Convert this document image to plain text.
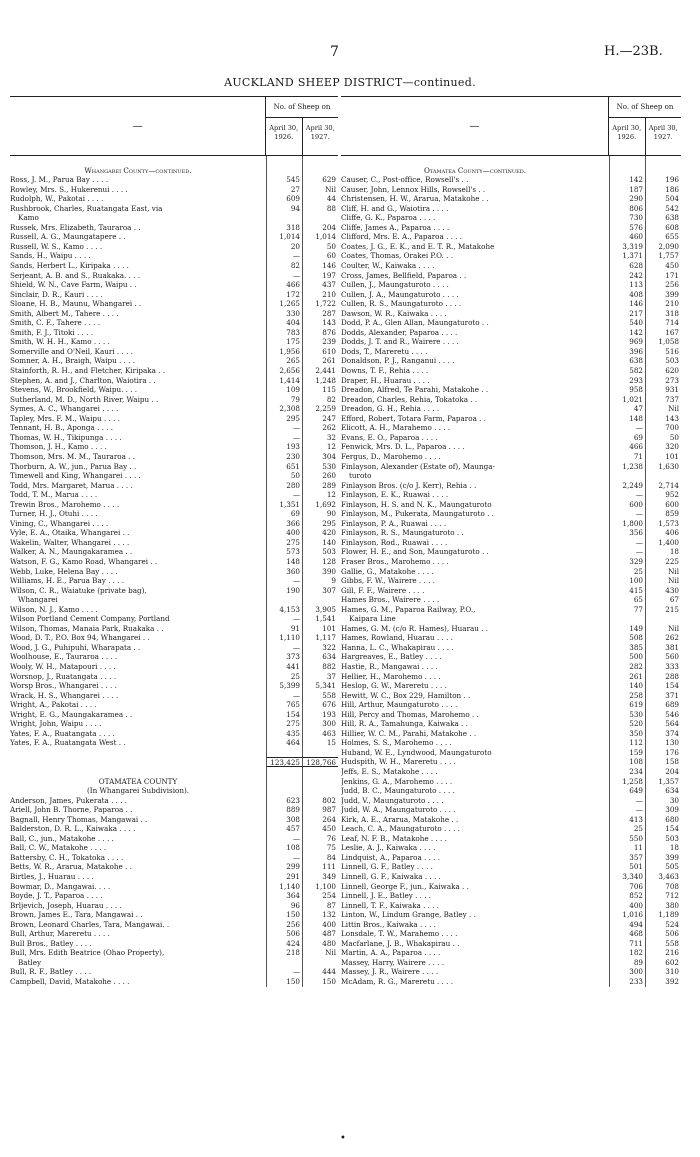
7	H.—23B.
AUCKLAND SHEEP DISTRICT—continued.
—
No. of Sheep on
April 30, 1926.
April 30, 1927.
Whangarei County—continued.
Ross, J. M., Parua Bay . . . .	545	629
Rowley, Mrs. S., Hukerenui . . . .	27	Nil
Rudolph, W., Pakotai . . . .	609	44
Rushbrook, Charles, Ruatangata East, via	94	88
Kamo
Russek, Mrs. Elizabeth, Tauraroa . .	318	204
Russell, A. G., Maungatapere . .	1,014	1,014
Russell, W. S., Kamo . . . .	20	50
Sands, H., Waipu . . . .	—	60
Sands, Herbert L., Kiripaka . . . .	82	146
Serjeant, A. B. and S., Ruakaka. . . .	—	197
Shield, W. N., Cave Farm, Waipu . .	466	437
Sinclair, D. R., Kauri . . . .	172	210
Sloane, H. B., Maunu, Whangarei . .	1,265	1,722
Smith, Albert M., Tahere . . . .	330	287
Smith, C. F., Tahere . . . .	404	143
Smith, F. J., Titoki . . . .	783	876
Smith, W. H. H., Kamo . . . .	175	239
Somerville and O'Neil, Kauri . . . .	1,956	610
Somner, A. H., Braigh, Waipu . . . .	265	261
Stainforth, R. H., and Fletcher, Kiripaka . .	2,656	2,441
Stephen, A. and J., Charlton, Waiotira . .	1,414	1,248
Stevens, W., Brookfield, Waipu. . . .	109	115
Sutherland, M. D., North River, Waipu . .	79	82
Symes, A. C., Whangarei . . . .	2,308	2,259
Tapley, Mrs. F. M., Waipu . . . .	295	247
Tennant, H. B., Aponga . . . .	—	262
Thomas, W. H., Tikipunga . . . .	—	32
Thomson, J. H., Kamo . . . .	193	12
Thomson, Mrs. M. M., Tauraroa . .	230	304
Thorburn, A. W., jun., Parua Bay . .	651	530
Timewell and King, Whangarei . . . .	50	260
Todd, Mrs. Margaret, Marua . . . .	280	289
Todd, T. M., Marua . . . .	—	12
Trewin Bros., Marohemo . . . .	1,351	1,692
Turner, H. J., Otuhi . . . .	69	90
Vining, C., Whangarei . . . .	366	295
Vyle, E. A., Otaika, Whangarei . .	400	420
Wakelin, Walter, Whangarei . . . .	275	140
Walker, A. N., Maungakaramea . .	573	503
Watson, F. G., Kamo Road, Whangarei . .	148	128
Webb, Luke, Helena Bay . . . .	360	390
Williams, H. E., Parua Bay . . . .	—	9
Wilson, C. R., Waiatuke (private bag),	190	307
Whangarei
Wilson, N. J., Kamo . . . .	4,153	3,905
Wilson Portland Cement Company, Portland	—	1,541
Wilson, Thomas, Manaia Park, Ruakaka . .	91	101
Wood, D. T., P.O. Box 94, Whangarei . .	1,110	1,117
Wood, J. G., Puhipuhi, Wharapata . .	—	322
Woolhouse, E., Tauraroa . . . .	373	634
Wooly, W. H., Matapouri . . . .	441	882
Worsnop, J., Ruatangata . . . .	25	37
Worsp Bros., Whangarei . . . .	5,399	5,341
Wrack, H. S., Whangarei . . . .	—	558
Wright, A., Pakotai . . . .	765	676
Wright, E. G., Maungakaramea . .	154	193
Wright, John, Waipu . . . .	275	300
Yates, F. A., Ruatangata . . . .	435	463
Yates, F. A., Ruatangata West . .	464	15
123,425 128,766
OTAMATEA COUNTY
(In Whangarei Subdivision).
Anderson, James, Pukerata . . . .	623	802
Ariell, John B. Thorne, Paparoa . .	889	987
Bagnall, Henry Thomas, Mangawai . .	308	264
Balderston, D. R. L., Kaiwaka . . . .	457	450
Ball, C., jun., Matakohe . . . .	—	76
Ball, C. W., Matakohe . . . .	108	75
Battersby, C. H., Tokatoka . . . .	—	84
Betts, W. R., Ararua, Matakohe . .	299	111
Birtles, J., Huarau . . . .	291	349
Bowmar, D., Mangawai. . . .	1,140	1,100
Boyde, J. T., Paparoa . . . .	364	254
Brljevich, Joseph, Huarau . . . .	96	87
Brown, James E., Tara, Mangawai . .	150	132
Brown, Leonard Charles, Tara, Mangawai. .	256	400
Bull, Arthur, Mareretu . . . .	506	487
Bull Bros., Batley . . . .	424	480
Bull, Mrs. Edith Beatrice (Ohao Property),	218	Nil
Batley
Bull, R. F., Batley . . . .	—	444
Campbell, David, Matakohe . . . .	150	150
—
No. of Sheep on
April 30, 1926.
April 30, 1927.
Otamatea County—continued.
Causer, C., Post-office, Rowsell's . .	142	196
Causer, John, Lennox Hills, Rowsell's . .	187	186
Christensen, H. W., Ararua, Matakohe . .	290	504
Cliff, H. and G., Waiotira . . . .	806	542
Cliffe, G. K., Paparoa . . . .	730	638
Cliffe, James A., Paparoa . . . .	576	608
Clifford, Mrs. E. A., Paparoa . . . .	460	655
Coates, J. G., E. K., and E. T. R., Matakohe	3,319	2,090
Coates, Thomas, Orakei P.O. . .	1,371	1,757
Coulter, W., Kaiwaka . . . .	628	450
Cross, James, Bellfield, Paparoa . .	242	171
Cullen, J., Maungaturoto . . . .	113	256
Cullen, J. A., Maungaturoto . . . .	408	399
Cullen, R. S., Maungaturoto . . . .	146	210
Dawson, W. R., Kaiwaka . . . .	217	318
Dodd, P. A., Glen Allan, Maungaturoto . .	540	714
Dodds, Alexander, Paparoa . . . .	142	167
Dodds, J. T. and R., Wairere . . . .	969	1,058
Dods, T., Mareretu . . . .	396	516
Donaldson, P. J., Ranganui . . . .	638	503
Downs, T. F., Rehia . . . .	582	620
Draper, H., Huarau . . . .	293	273
Dreadon, Alfred, Te Parahi, Matakohe . .	958	931
Dreadon, Charles, Rehia, Tokatoka . .	1,021	737
Dreadon, G. H., Rehia . . . .	47	Nil
Efford, Robert, Totara Farm, Paparoa . .	148	143
Elicott, A. H., Marahemo . . . .	—	700
Evans, E. O., Paparoa . . . .	69	50
Fenwick, Mrs. D. L., Paparoa . . . .	466	320
Fergus, D., Marohemo . . . .	71	101
Finlayson, Alexander (Estate of), Maunga-	1,238	1,630
turoto
Finlayson Bros. (c/o J. Kerr), Rehia . .	2,249	2,714
Finlayson, E. K., Ruawai . . . .	—	952
Finlayson, H. S. and N. K., Maungaturoto	600	600
Finlayson, M., Pukerata, Maungaturoto . .	—	859
Finlayson, P. A., Ruawai . . . .	1,800	1,573
Finlayson, R. S., Maungaturoto . .	356	406
Finlayson, Rod., Ruawai . . . .	—	1,400
Flower, H. E., and Son, Maungaturoto . .	—	18
Fraser Bros., Marohemo . . . .	329	225
Gallie, G., Matakohe . . . .	25	Nil
Gibbs, F. W., Wairere . . . .	100	Nil
Gill, F. F., Wairere . . . .	415	430
Hames Bros., Wairere . . . .	65	67
Hames, G. M., Paparoa Railway, P.O.,	77	215
Kaipara Line
Hames, G. M. (c/o R. Hames), Huarau . .	149	Nil
Hames, Rowland, Huarau . . . .	508	262
Hanna, L. C., Whakapirau . . . .	385	381
Hargreaves, E., Batley . . . .	500	560
Hastie, R., Mangawai . . . .	282	333
Hellier, H., Marohemo . . . .	261	288
Heslop, G. W., Mareretu . . . .	140	154
Hewitt, W. C., Box 229, Hamilton . .	258	371
Hill, Arthur, Maungaturoto . . . .	619	689
Hill, Percy and Thomas, Marohemo . .	530	546
Hill, R. A., Tamahunga, Kaiwaka . .	520	564
Hillier, W. C. M., Parahi, Matakohe . .	350	374
Holmes, S. S., Marohemo . . . .	112	130
Huband, W. E., Lyndwood, Maungaturoto	159	176
Hudspith, W. H., Mareretu . . . .	108	158
Jeffs, E. S., Matakohe . . . .	234	204
Jenkins, G. A., Marohemo . . . .	1,258	1,357
Judd, B. C., Maungaturoto . . . .	649	634
Judd, V., Maungaturoto . . . .	—	30
Judd, W. A., Maungaturoto . . . .	—	309
Kirk, A. E., Ararua, Matakohe . .	413	680
Leach, C. A., Maungaturoto . . . .	25	154
Leaf, N. F. B., Matakohe . . . .	550	503
Leslie, A. J., Kaiwaka . . . .	11	18
Lindquist, A., Paparoa . . . .	357	399
Linnell, G. F., Batley . . . .	501	505
Linnell, G. F., Kaiwaka . . . .	3,340	3,463
Linnell, George F., jun., Kaiwaka . .	706	708
Linnell, J. E., Batley . . . .	852	712
Linnell, T. F., Kaiwaka . . . .	400	380
Linton, W., Lindum Grange, Batley . .	1,016	1,189
Littin Bros., Kaiwaka . . . .	494	524
Lonsdale, T. W., Marahemo . . . .	468	506
Macfarlane, J. B., Whakapirau . .	711	558
Martin, A. A., Paparoa . . . .	182	216
Massey, Harry, Wairere . . . .	89	602
Massey, J. R., Wairere . . . .	300	310
McAdam, R. G., Mareretu . . . .	233	392
•
